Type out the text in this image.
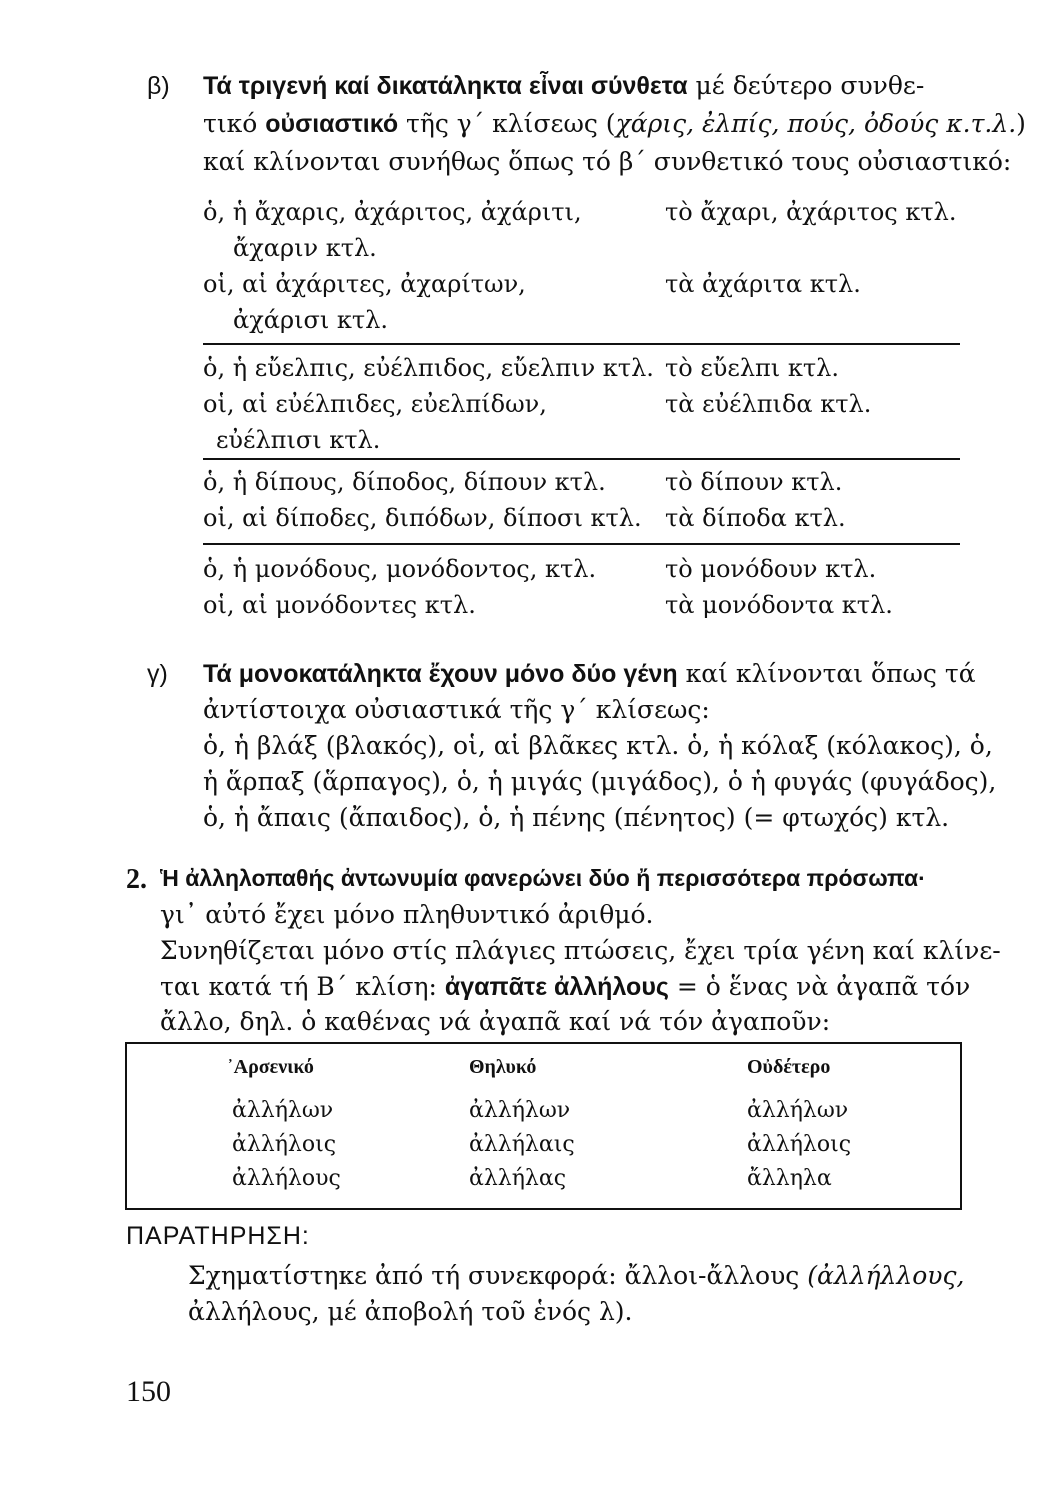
β) Τά τριγενή καί δικατάληκτα εἶναι σύνθετα μέ δεύτερο συνθε-
τικό οὐσιαστικό τῆς γ΄ κλίσεως (χάρις, ἐλπίς, πούς, ὀδούς κ.τ.λ.)
καί κλίνονται συνήθως ὅπως τό β΄ συνθετικό τους οὐσιαστικό:
ὁ, ἡ ἄχαρις, ἀχάριτος, ἀχάριτι,	τὸ ἄχαρι, ἀχάριτος κτλ.
ἄχαριν κτλ.
οἱ, αἱ ἀχάριτες, ἀχαρίτων,	τὰ ἀχάριτα κτλ.
ἀχάρισι κτλ.
ὁ, ἡ εὔελπις, εὐέλπιδος, εὔελπιν κτλ. τὸ εὔελπι κτλ.
οἱ, αἱ εὐέλπιδες, εὐελπίδων,	τὰ εὐέλπιδα κτλ.
εὐέλπισι κτλ.
ὁ, ἡ δίπους, δίποδος, δίπουν κτλ. τὸ δίπουν κτλ.
οἱ, αἱ δίποδες, διπόδων, δίποσι κτλ. τὰ δίποδα κτλ.
ὁ, ἡ μονόδους, μονόδοντος, κτλ.	τὸ μονόδουν κτλ.
οἱ, αἱ μονόδοντες κτλ.	τὰ μονόδοντα κτλ.
γ) Τά μονοκατάληκτα ἔχουν μόνο δύο γένη καί κλίνονται ὅπως τά
ἀντίστοιχα οὐσιαστικά τῆς γ΄ κλίσεως:
ὁ, ἡ βλάξ (βλακός), οἱ, αἱ βλᾶκες κτλ. ὁ, ἡ κόλαξ (κόλακος), ὁ,
ἡ ἅρπαξ (ἅρπαγος), ὁ, ἡ μιγάς (μιγάδος), ὁ ἡ φυγάς (φυγάδος),
ὁ, ἡ ἄπαις (ἄπαιδος), ὁ, ἡ πένης (πένητος) (= φτωχός) κτλ.
2. Ἡ ἀλληλοπαθής ἀντωνυμία φανερώνει δύο ἤ περισσότερα πρόσωπα·
γι᾽ αὐτό ἔχει μόνο πληθυντικό ἀριθμό.
Συνηθίζεται μόνο στίς πλάγιες πτώσεις, ἔχει τρία γένη καί κλίνε-
ται κατά τή Β΄ κλίση: ἀγαπᾶτε ἀλλήλους = ὁ ἕνας νὰ ἀγαπᾶ τόν
ἄλλο, δηλ. ὁ καθένας νά ἀγαπᾶ καί νά τόν ἀγαποῦν:
᾿Αρσενικό	Θηλυκό	Οὐδέτερο
ἀλλήλων	ἀλλήλων	ἀλλήλων
ἀλλήλοις	ἀλλήλαις	ἀλλήλοις
ἀλλήλους	ἀλλήλας	ἄλληλα
ΠΑΡΑΤΗΡΗΣΗ:
Σχηματίστηκε ἀπό τή συνεκφορά: ἄλλοι-ἄλλους (ἀλλήλλους,
ἀλλήλους, μέ ἀποβολή τοῦ ἑνός λ).
150
